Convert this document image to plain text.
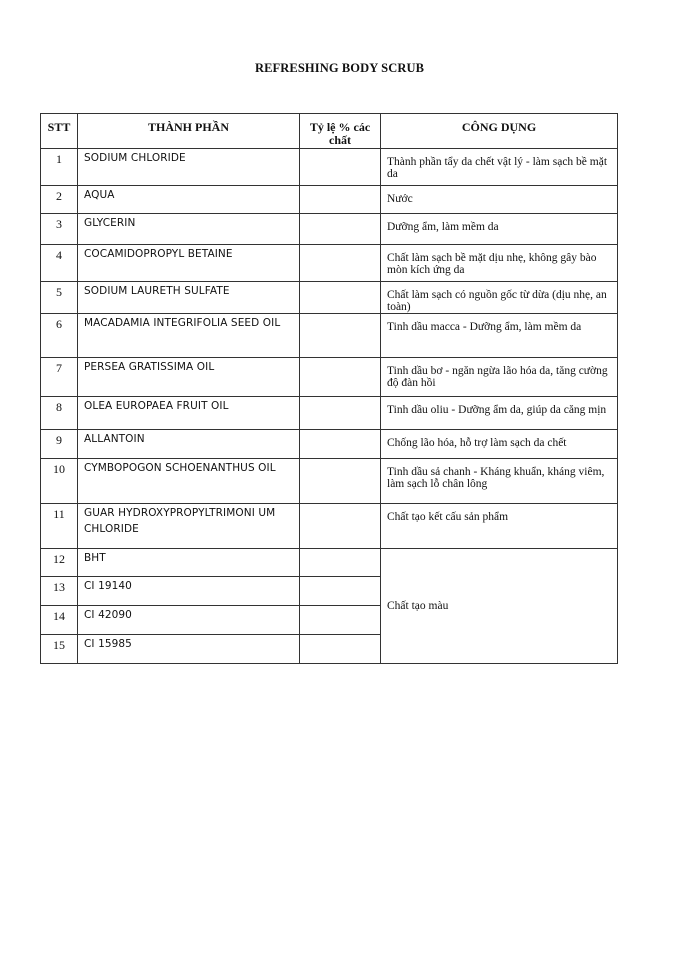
REFRESHING BODY SCRUB
STT	THÀNH PHẦN	Tỷ lệ % các chất	CÔNG DỤNG
1	SODIUM CHLORIDE		Thành phần tẩy da chết vật lý - làm sạch bề mặt da
2	AQUA		Nước
3	GLYCERIN		Dưỡng ẩm, làm mềm da
4	COCAMIDOPROPYL BETAINE		Chất làm sạch bề mặt dịu nhẹ, không gây bào mòn kích ứng da
5	SODIUM LAURETH SULFATE		Chất làm sạch có nguồn gốc từ dừa (dịu nhẹ, an toàn)
6	MACADAMIA INTEGRIFOLIA SEED OIL		Tinh dầu macca - Dưỡng ẩm, làm mềm da
7	PERSEA GRATISSIMA OIL		Tinh dầu bơ - ngăn ngừa lão hóa da, tăng cường độ đàn hồi
8	OLEA EUROPAEA FRUIT OIL		Tinh dầu oliu - Dưỡng ẩm da, giúp da căng mịn
9	ALLANTOIN		Chống lão hóa, hỗ trợ làm sạch da chết
10	CYMBOPOGON SCHOENANTHUS OIL		Tinh dầu sả chanh - Kháng khuẩn, kháng viêm, làm sạch lỗ chân lông
11	GUAR HYDROXYPROPYLTRIMONI UM CHLORIDE		Chất tạo kết cấu sản phẩm
12	BHT		Chất tạo màu
13	CI 19140		
14	CI 42090		
15	CI 15985		
